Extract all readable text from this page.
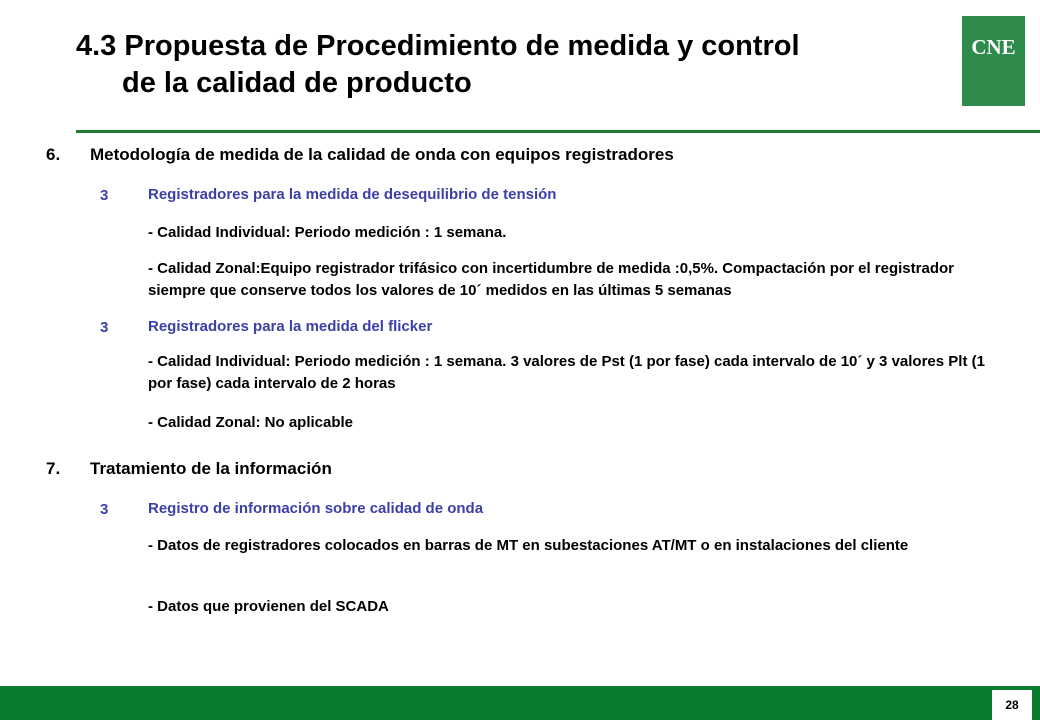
4.3 Propuesta de Procedimiento de medida y control
de la calidad de producto
CNE
6. Metodología de medida de la calidad de onda con equipos registradores
3	Registradores para la medida de desequilibrio de tensión
- Calidad Individual: Periodo medición : 1 semana.
- Calidad Zonal:Equipo registrador trifásico con incertidumbre de medida :0,5%. Compactación por el registrador siempre que conserve todos los valores de 10´ medidos en las últimas 5 semanas
3	Registradores para la medida del flicker
- Calidad Individual: Periodo medición : 1 semana. 3 valores de Pst (1 por fase) cada intervalo de 10´ y 3 valores Plt (1 por fase) cada intervalo de 2 horas
- Calidad Zonal: No aplicable
7. Tratamiento de la información
3	Registro de información sobre calidad de onda
- Datos de registradores colocados en barras de MT en subestaciones AT/MT o en instalaciones del cliente
- Datos que provienen del SCADA
28
